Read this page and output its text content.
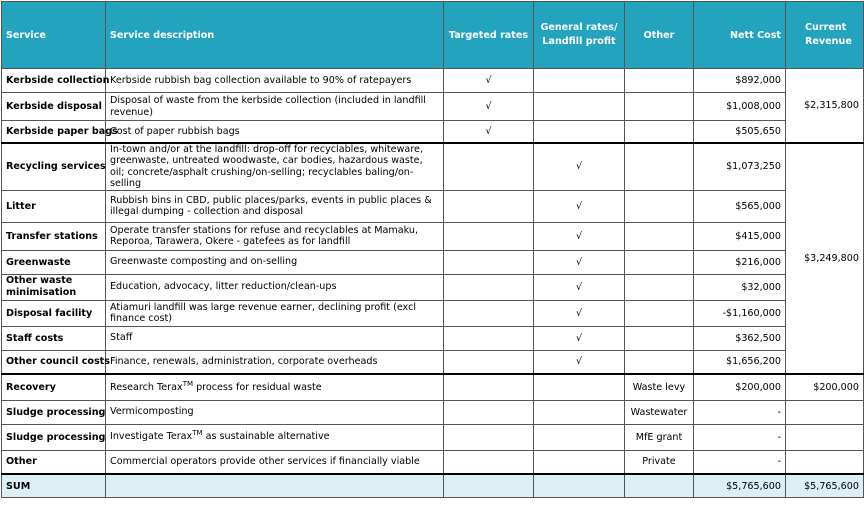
Service	Service description	Targeted rates	General rates/ Landfill profit	Other	Nett Cost	Current Revenue
Kerbside collection	Kerbside rubbish bag collection available to 90% of ratepayers	√			$892,000	$2,315,800
Kerbside disposal	Disposal of waste from the kerbside collection (included in landfill revenue)	√			$1,008,000	
Kerbside paper bags	Cost of paper rubbish bags	√			$505,650	
Recycling services	In-town and/or at the landfill: drop-off for recyclables, whiteware, greenwaste, untreated woodwaste, car bodies, hazardous waste, oil; concrete/asphalt crushing/on-selling; recyclables baling/on-selling		√		$1,073,250	$3,249,800
Litter	Rubbish bins in CBD, public places/parks, events in public places & illegal dumping - collection and disposal		√		$565,000	
Transfer stations	Operate transfer stations for refuse and recyclables at Mamaku, Reporoa, Tarawera, Okere - gatefees as for landfill		√		$415,000	
Greenwaste	Greenwaste composting and on-selling		√		$216,000	
Other waste minimisation	Education, advocacy, litter reduction/clean-ups		√		$32,000	
Disposal facility	Atiamuri landfill was large revenue earner, declining profit (excl finance cost)		√		-$1,160,000	
Staff costs	Staff		√		$362,500	
Other council costs	Finance, renewals, administration, corporate overheads		√		$1,656,200	
Recovery	Research Terax™ process for residual waste			Waste levy	$200,000	$200,000
Sludge processing	Vermicomposting			Wastewater	-	
Sludge processing	Investigate Terax™ as sustainable alternative			MfE grant	-	
Other	Commercial operators provide other services if financially viable			Private	-	
SUM					$5,765,600	$5,765,600
